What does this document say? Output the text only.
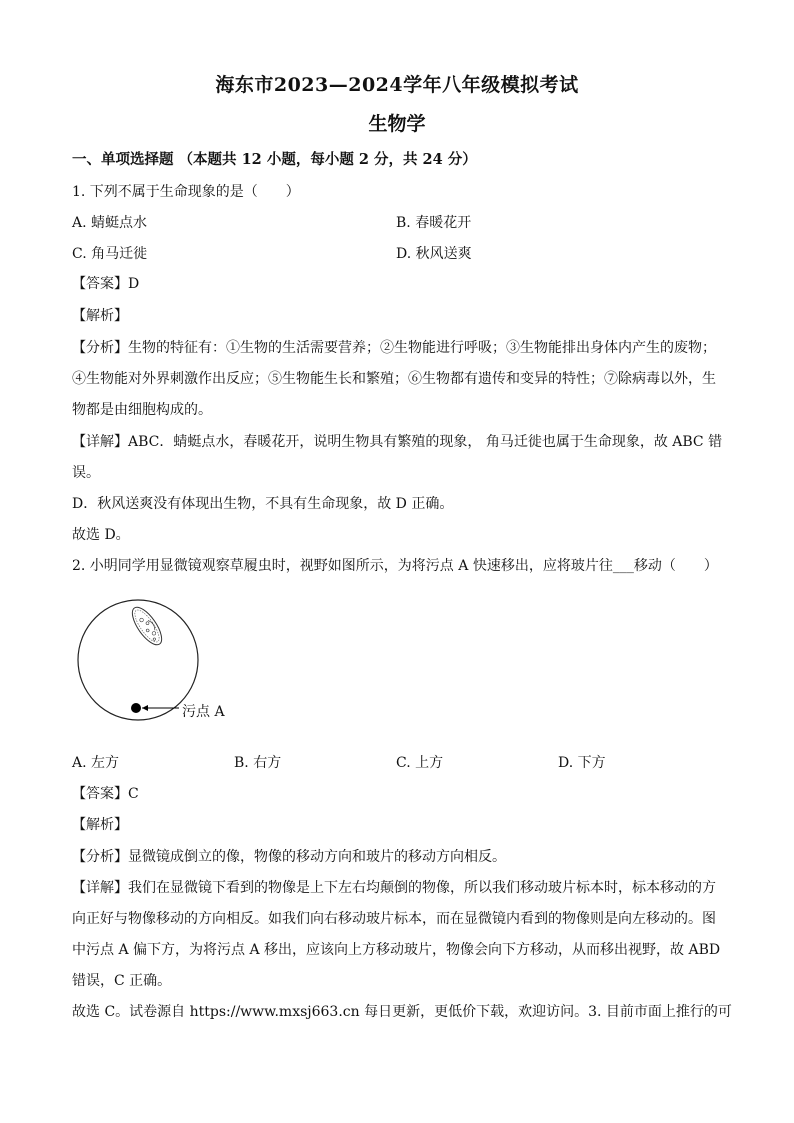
海东市2023—2024学年八年级模拟考试
生物学
一、单项选择题 （本题共 12 小题，每小题 2 分，共 24 分）
1. 下列不属于生命现象的是（　　）
A. 蜻蜓点水	B. 春暖花开
C. 角马迁徙	D. 秋风送爽
【答案】D
【解析】
【分析】生物的特征有：①生物的生活需要营养；②生物能进行呼吸；③生物能排出身体内产生的废物；
④生物能对外界刺激作出反应；⑤生物能生长和繁殖；⑥生物都有遗传和变异的特性；⑦除病毒以外，生
物都是由细胞构成的。
【详解】ABC．蜻蜓点水，春暖花开，说明生物具有繁殖的现象， 角马迁徙也属于生命现象，故 ABC 错
误。
D．秋风送爽没有体现出生物，不具有生命现象，故 D 正确。
故选 D。
2. 小明同学用显微镜观察草履虫时，视野如图所示，为将污点 A 快速移出，应将玻片往___移动（　　）
污点 A
A. 左方	B. 右方	C. 上方	D. 下方
【答案】C
【解析】
【分析】显微镜成倒立的像，物像的移动方向和玻片的移动方向相反。
【详解】我们在显微镜下看到的物像是上下左右均颠倒的物像，所以我们移动玻片标本时，标本移动的方
向正好与物像移动的方向相反。如我们向右移动玻片标本，而在显微镜内看到的物像则是向左移动的。图
中污点 A 偏下方，为将污点 A 移出，应该向上方移动玻片，物像会向下方移动，从而移出视野，故 ABD
错误，C 正确。
故选 C。试卷源自 https://www.mxsj663.cn 每日更新，更低价下载，欢迎访问。3. 目前市面上推行的可
